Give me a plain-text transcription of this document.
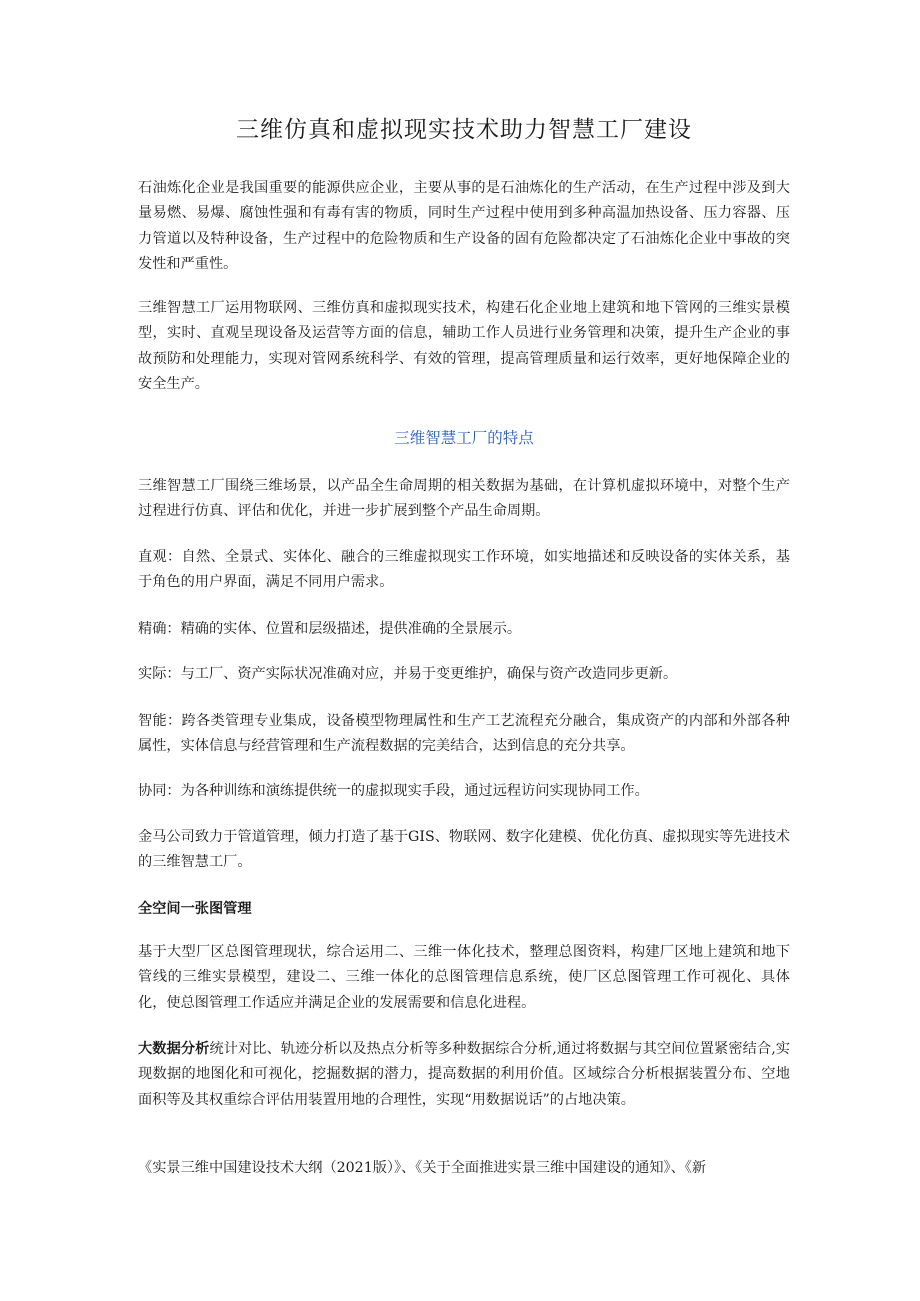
三维仿真和虚拟现实技术助力智慧工厂建设

石油炼化企业是我国重要的能源供应企业，主要从事的是石油炼化的生产活动，在生产过程中涉及到大量易燃、易爆、腐蚀性强和有毒有害的物质，同时生产过程中使用到多种高温加热设备、压力容器、压力管道以及特种设备，生产过程中的危险物质和生产设备的固有危险都决定了石油炼化企业中事故的突发性和严重性。

三维智慧工厂运用物联网、三维仿真和虚拟现实技术，构建石化企业地上建筑和地下管网的三维实景模型，实时、直观呈现设备及运营等方面的信息，辅助工作人员进行业务管理和决策，提升生产企业的事故预防和处理能力，实现对管网系统科学、有效的管理，提高管理质量和运行效率，更好地保障企业的安全生产。

三维智慧工厂的特点

三维智慧工厂围绕三维场景，以产品全生命周期的相关数据为基础，在计算机虚拟环境中，对整个生产过程进行仿真、评估和优化，并进一步扩展到整个产品生命周期。

直观：自然、全景式、实体化、融合的三维虚拟现实工作环境，如实地描述和反映设备的实体关系，基于角色的用户界面，满足不同用户需求。

精确：精确的实体、位置和层级描述，提供准确的全景展示。

实际：与工厂、资产实际状况准确对应，并易于变更维护，确保与资产改造同步更新。

智能：跨各类管理专业集成，设备模型物理属性和生产工艺流程充分融合，集成资产的内部和外部各种属性，实体信息与经营管理和生产流程数据的完美结合，达到信息的充分共享。

协同：为各种训练和演练提供统一的虚拟现实手段，通过远程访问实现协同工作。

金马公司致力于管道管理，倾力打造了基于GIS、物联网、数字化建模、优化仿真、虚拟现实等先进技术的三维智慧工厂。

全空间一张图管理

基于大型厂区总图管理现状，综合运用二、三维一体化技术，整理总图资料，构建厂区地上建筑和地下管线的三维实景模型，建设二、三维一体化的总图管理信息系统，使厂区总图管理工作可视化、具体化，使总图管理工作适应并满足企业的发展需要和信息化进程。

大数据分析统计对比、轨迹分析以及热点分析等多种数据综合分析,通过将数据与其空间位置紧密结合,实现数据的地图化和可视化，挖掘数据的潜力，提高数据的利用价值。区域综合分析根据装置分布、空地面积等及其权重综合评估用装置用地的合理性，实现“用数据说话”的占地决策。

《实景三维中国建设技术大纲（2021版）》、《关于全面推进实景三维中国建设的通知》、《新
